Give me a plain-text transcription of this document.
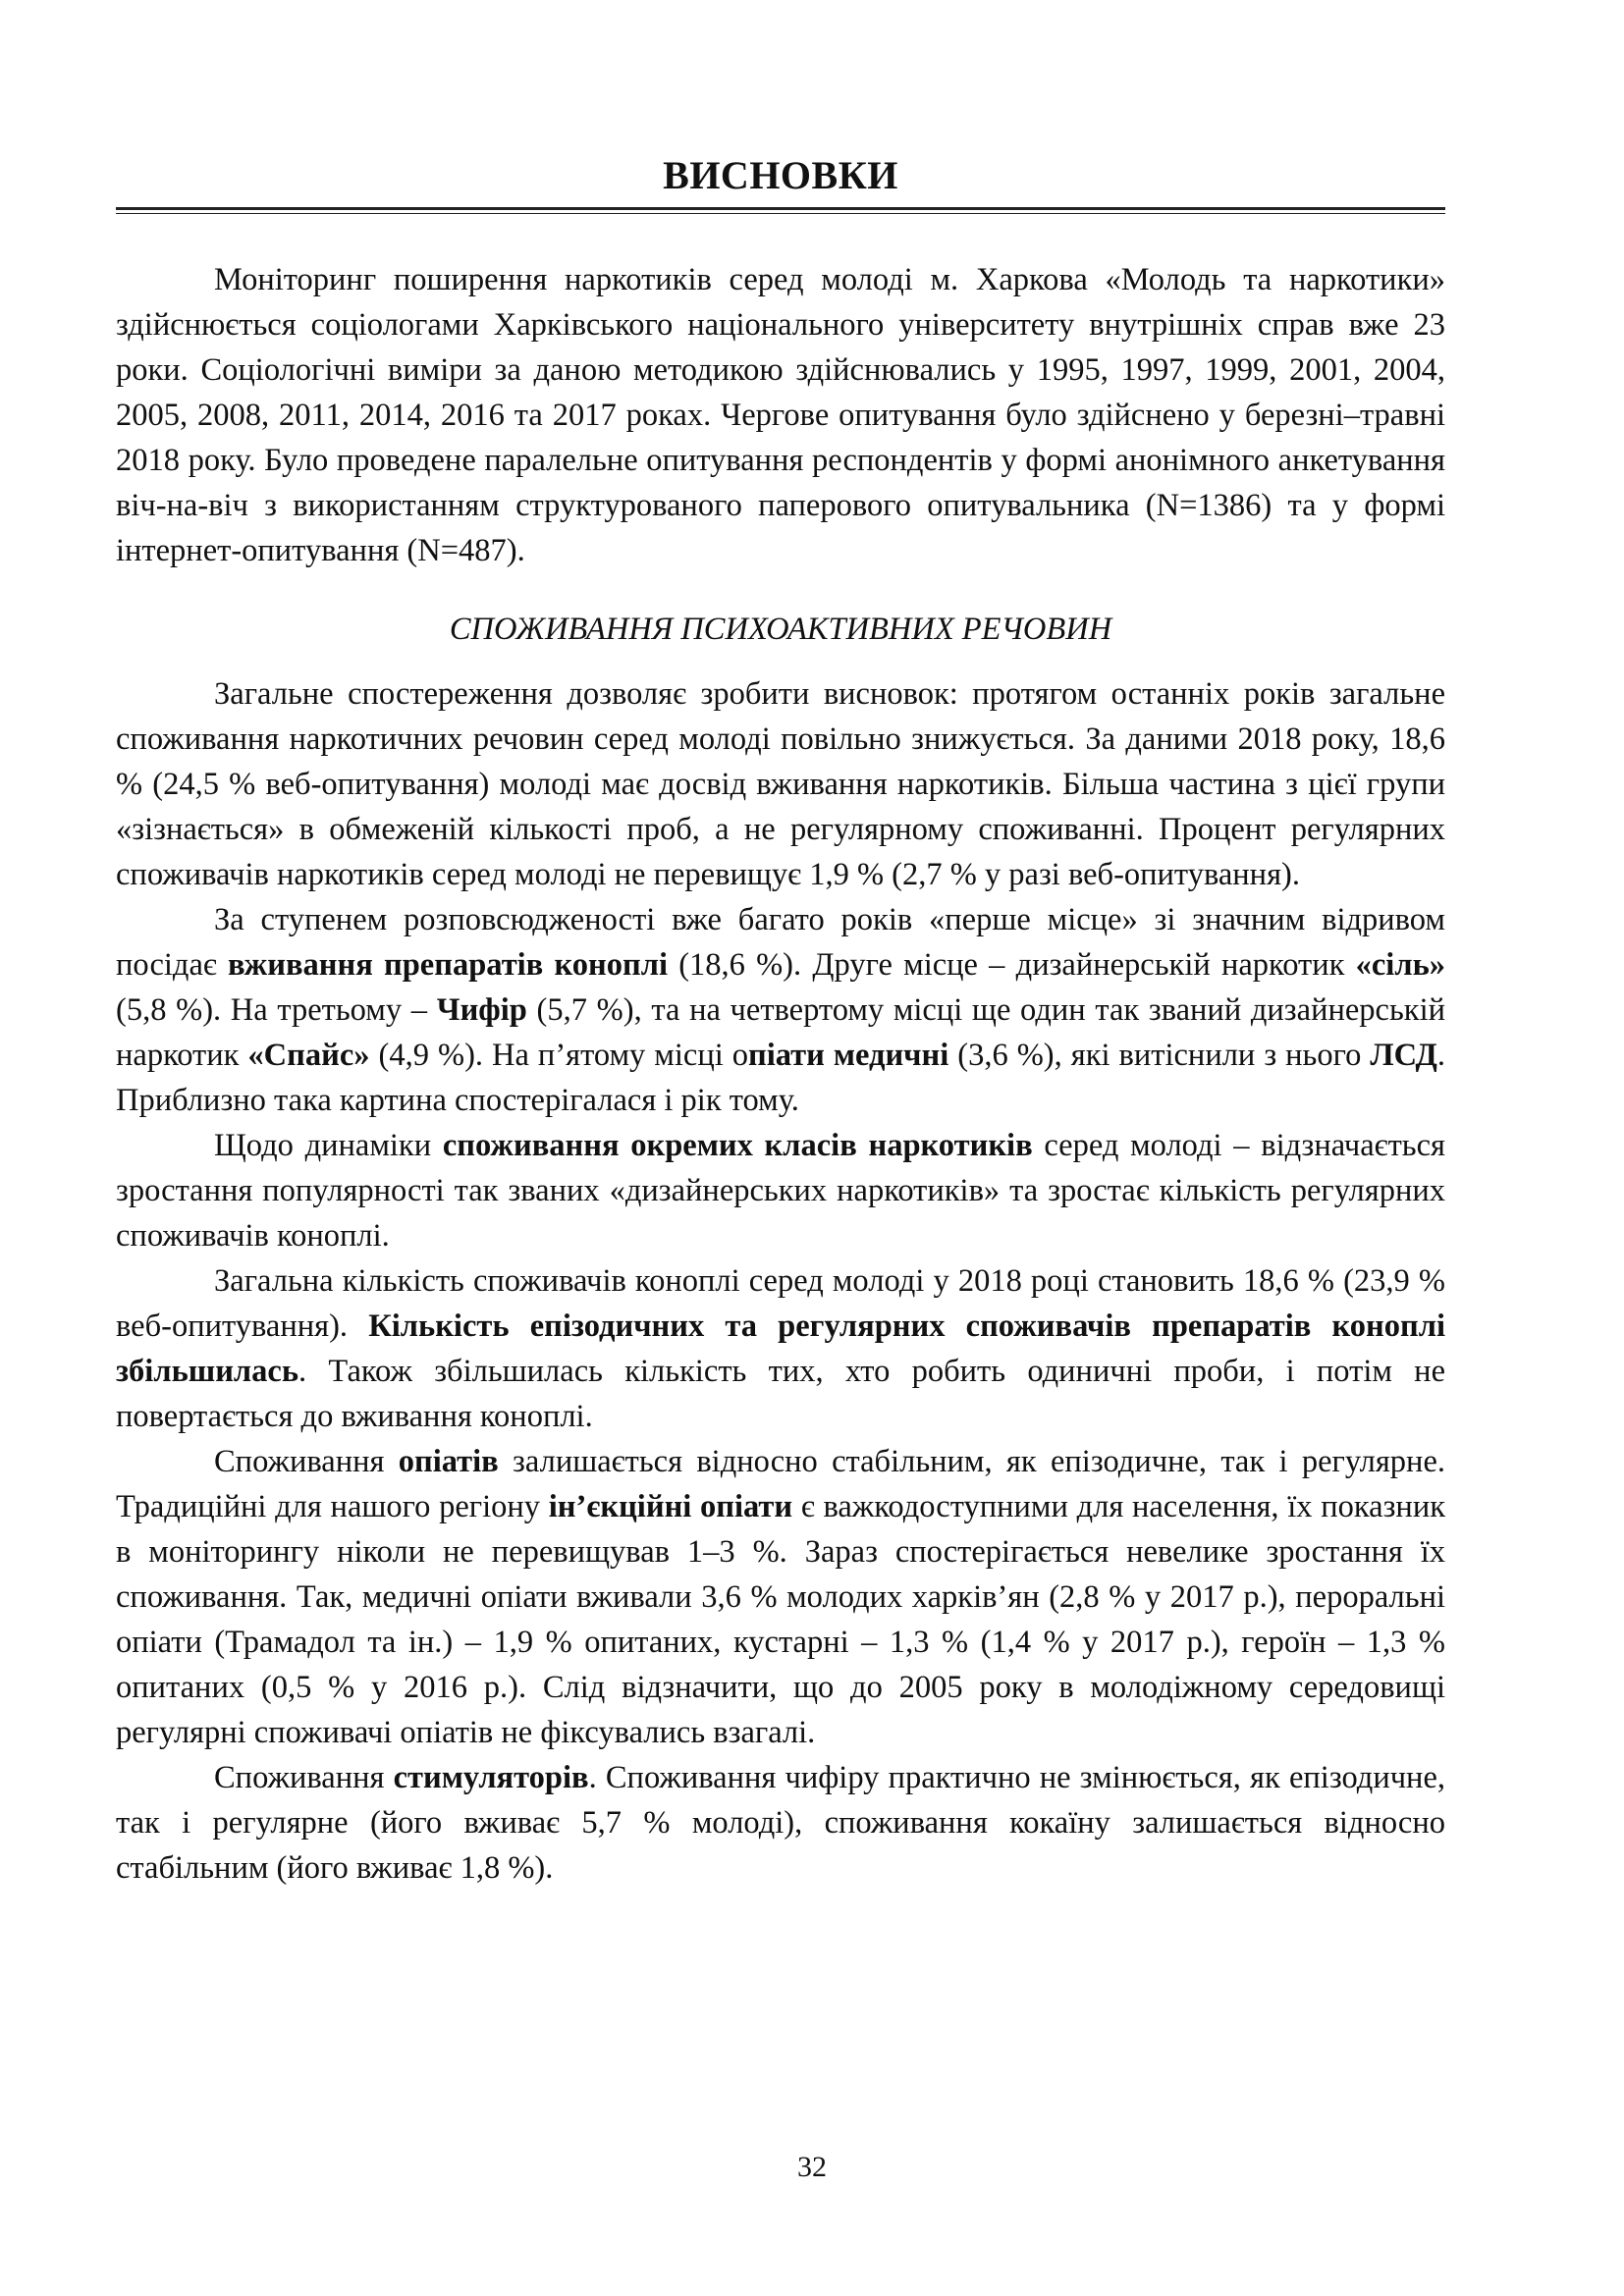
ВИСНОВКИ

Моніторинг поширення наркотиків серед молоді м. Харкова «Молодь та наркотики» здійснюється соціологами Харківського національного університету внутрішніх справ вже 23 роки. Соціологічні виміри за даною методикою здійснювались у 1995, 1997, 1999, 2001, 2004, 2005, 2008, 2011, 2014, 2016 та 2017 роках. Чергове опитування було здійснено у березні–травні 2018 року. Було проведене паралельне опитування респондентів у формі анонімного анкетування віч-на-віч з використанням структурованого паперового опитувальника (N=1386) та у формі інтернет-опитування (N=487).

СПОЖИВАННЯ ПСИХОАКТИВНИХ РЕЧОВИН

Загальне спостереження дозволяє зробити висновок: протягом останніх років загальне споживання наркотичних речовин серед молоді повільно знижується. За даними 2018 року, 18,6 % (24,5 % веб-опитування) молоді має досвід вживання наркотиків. Більша частина з цієї групи «зізнається» в обмеженій кількості проб, а не регулярному споживанні. Процент регулярних споживачів наркотиків серед молоді не перевищує 1,9 % (2,7 % у разі веб-опитування).

За ступенем розповсюдженості вже багато років «перше місце» зі значним відривом посідає вживання препаратів коноплі (18,6 %). Друге місце – дизайнерській наркотик «сіль» (5,8 %). На третьому – Чифір (5,7 %), та на четвертому місці ще один так званий дизайнерській наркотик «Спайс» (4,9 %). На п’ятому місці опіати медичні (3,6 %), які витіснили з нього ЛСД. Приблизно така картина спостерігалася і рік тому.

Щодо динаміки споживання окремих класів наркотиків серед молоді – відзначається зростання популярності так званих «дизайнерських наркотиків» та зростає кількість регулярних споживачів коноплі.

Загальна кількість споживачів коноплі серед молоді у 2018 році становить 18,6 % (23,9 % веб-опитування). Кількість епізодичних та регулярних споживачів препаратів коноплі збільшилась. Також збільшилась кількість тих, хто робить одиничні проби, і потім не повертається до вживання коноплі.

Споживання опіатів залишається відносно стабільним, як епізодичне, так і регулярне. Традиційні для нашого регіону ін’єкційні опіати є важкодоступними для населення, їх показник в моніторингу ніколи не перевищував 1–3 %. Зараз спостерігається невелике зростання їх споживання. Так, медичні опіати вживали 3,6 % молодих харків’ян (2,8 % у 2017 р.), пероральні опіати (Трамадол та ін.) – 1,9 % опитаних, кустарні – 1,3 % (1,4 % у 2017 р.), героїн – 1,3 % опитаних (0,5 % у 2016 р.). Слід відзначити, що до 2005 року в молодіжному середовищі регулярні споживачі опіатів не фіксувались взагалі.

Споживання стимуляторів. Споживання чифіру практично не змінюється, як епізодичне, так і регулярне (його вживає 5,7 % молоді), споживання кокаїну залишається відносно стабільним (його вживає 1,8 %).

32
